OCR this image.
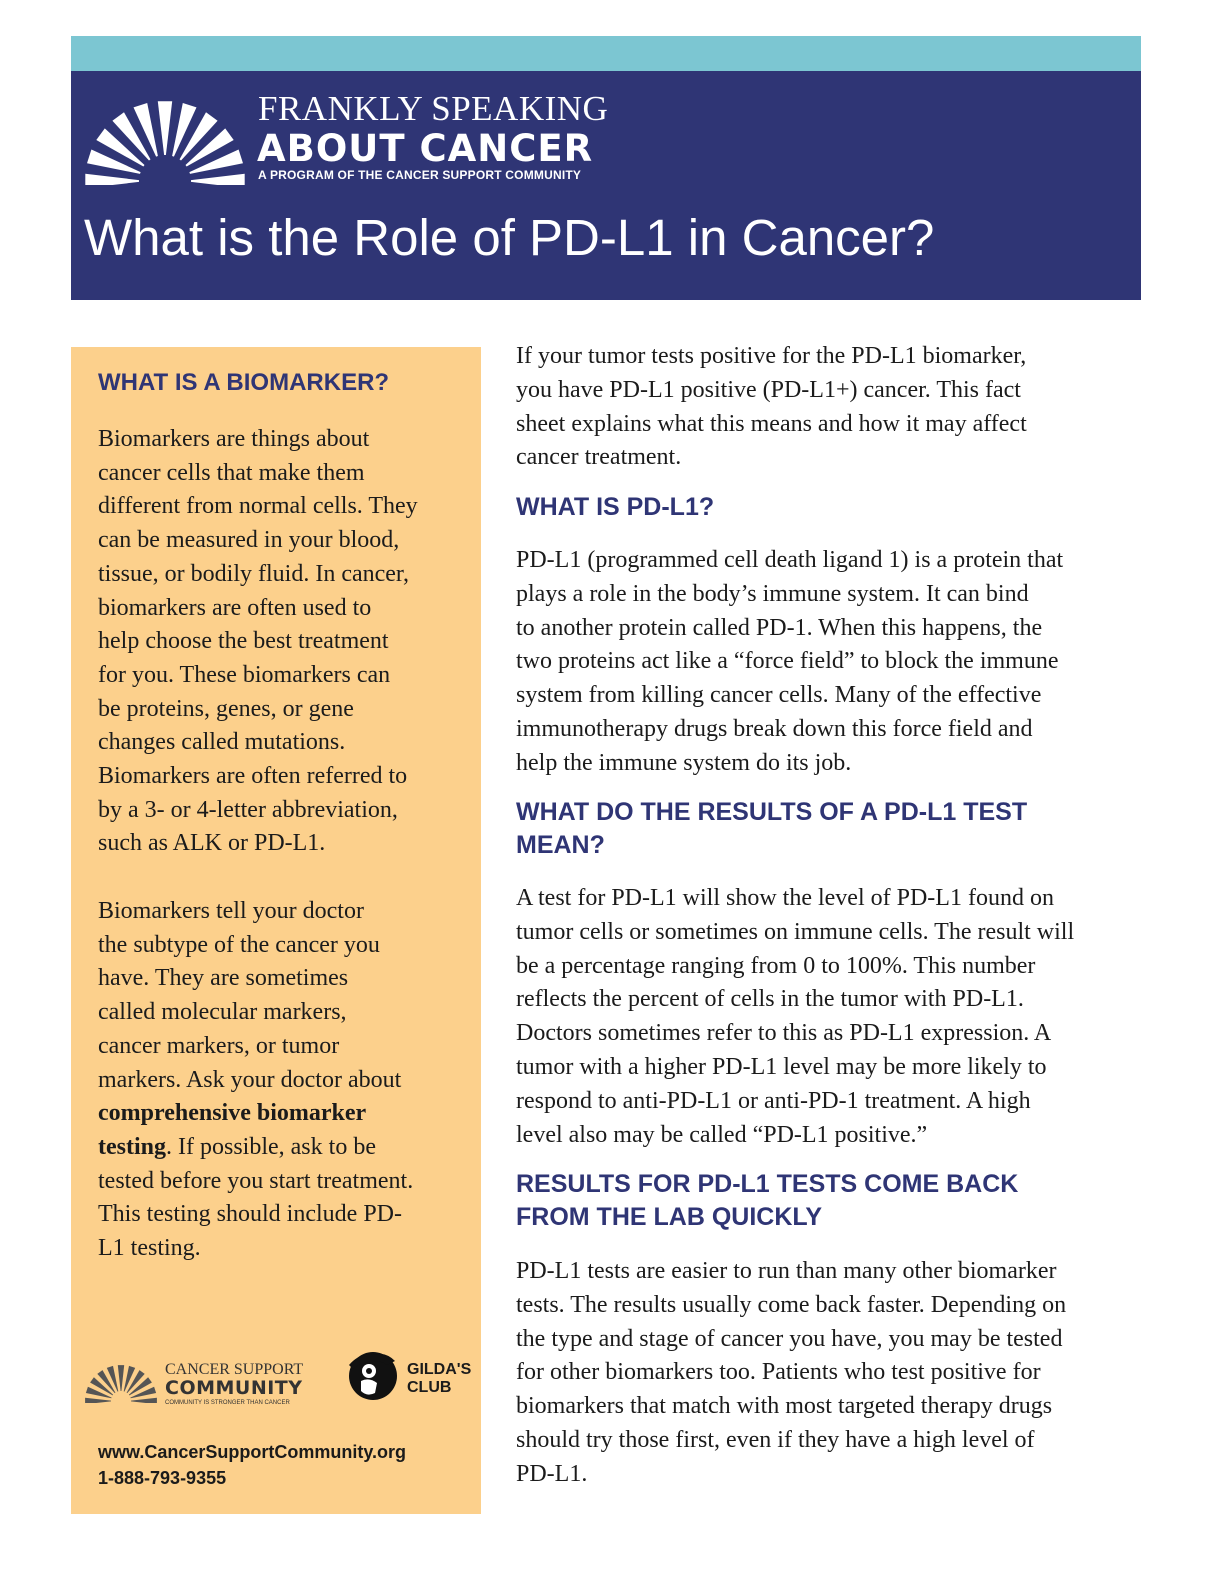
FRANKLY SPEAKING
ABOUT CANCER
A PROGRAM OF THE CANCER SUPPORT COMMUNITY
What is the Role of PD-L1 in Cancer?
WHAT IS A BIOMARKER?

Biomarkers are things about
cancer cells that make them
different from normal cells. They
can be measured in your blood,
tissue, or bodily fluid. In cancer,
biomarkers are often used to
help choose the best treatment
for you. These biomarkers can
be proteins, genes, or gene
changes called mutations.
Biomarkers are often referred to
by a 3- or 4-letter abbreviation,
such as ALK or PD-L1.

Biomarkers tell your doctor
the subtype of the cancer you
have. They are sometimes
called molecular markers,
cancer markers, or tumor
markers. Ask your doctor about
comprehensive biomarker
testing. If possible, ask to be
tested before you start treatment.
This testing should include PD-
L1 testing.

CANCER SUPPORT
COMMUNITY
COMMUNITY IS STRONGER THAN CANCER
GILDA'S
CLUB
www.CancerSupportCommunity.org
1-888-793-9355

If your tumor tests positive for the PD-L1 biomarker,
you have PD-L1 positive (PD-L1+) cancer. This fact
sheet explains what this means and how it may affect
cancer treatment.

WHAT IS PD-L1?

PD-L1 (programmed cell death ligand 1) is a protein that
plays a role in the body’s immune system. It can bind
to another protein called PD-1. When this happens, the
two proteins act like a “force field” to block the immune
system from killing cancer cells. Many of the effective
immunotherapy drugs break down this force field and
help the immune system do its job.

WHAT DO THE RESULTS OF A PD-L1 TEST
MEAN?

A test for PD-L1 will show the level of PD-L1 found on
tumor cells or sometimes on immune cells. The result will
be a percentage ranging from 0 to 100%. This number
reflects the percent of cells in the tumor with PD-L1.
Doctors sometimes refer to this as PD-L1 expression. A
tumor with a higher PD-L1 level may be more likely to
respond to anti-PD-L1 or anti-PD-1 treatment. A high
level also may be called “PD-L1 positive.”

RESULTS FOR PD-L1 TESTS COME BACK
FROM THE LAB QUICKLY

PD-L1 tests are easier to run than many other biomarker
tests. The results usually come back faster. Depending on
the type and stage of cancer you have, you may be tested
for other biomarkers too. Patients who test positive for
biomarkers that match with most targeted therapy drugs
should try those first, even if they have a high level of
PD-L1.
